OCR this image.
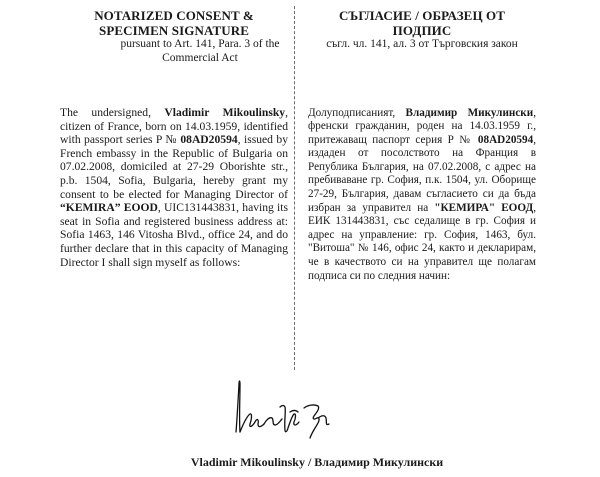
NOTARIZED CONSENT &
SPECIMEN SIGNATURE
pursuant to Art. 141, Para. 3 of the
Commercial Act
The undersigned, Vladimir Mikoulinsky, citizen of France, born on 14.03.1959, identified with passport series P № 08AD20594, issued by French embassy in the Republic of Bulgaria on 07.02.2008, domiciled at 27-29 Oborishte str., p.b. 1504, Sofia, Bulgaria, hereby grant my consent to be elected for Managing Director of “KEMIRA” EOOD, UIC131443831, having its seat in Sofia and registered business address at: Sofia 1463, 146 Vitosha Blvd., office 24, and do further declare that in this capacity of Managing Director I shall sign myself as follows:
СЪГЛАСИЕ / ОБРАЗЕЦ ОТ
ПОДПИС
съгл. чл. 141, ал. 3 от Търговския закон
Долуподписаният, Владимир Микулински, френски гражданин, роден на 14.03.1959 г., притежаващ паспорт серия Р № 08AD20594, издаден от посолството на Франция в Република България, на 07.02.2008, с адрес на пребиваване гр. София, п.к. 1504, ул. Оборище 27-29, България, давам съгласието си да бъда избран за управител на "КЕМИРА" ЕООД, ЕИК 131443831, със седалище в гр. София и адрес на управление: гр. София, 1463, бул. "Витоша" № 146, офис 24, както и декларирам, че в качеството си на управител ще полагам подписа си по следния начин:
Vladimir Mikoulinsky / Владимир Микулински
